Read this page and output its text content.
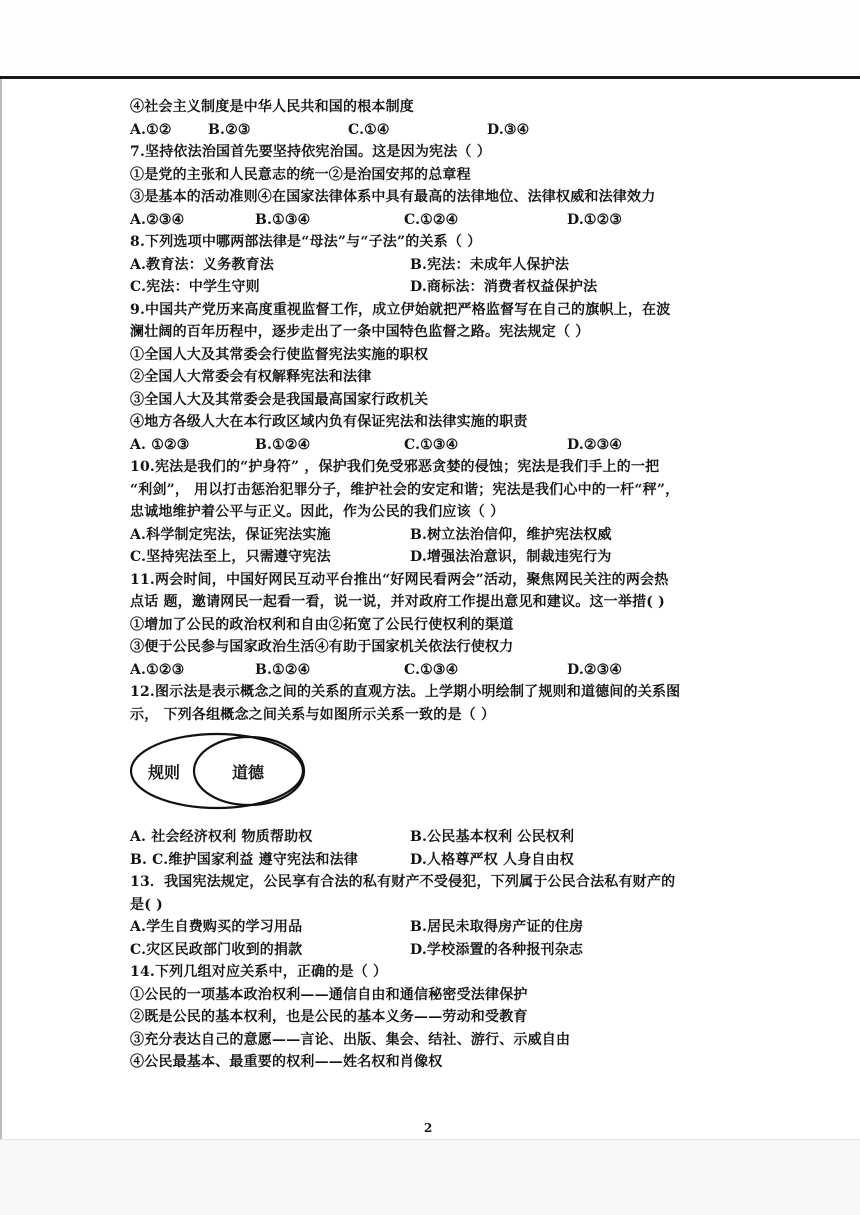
④社会主义制度是中华人民共和国的根本制度
A.①②	B.②③	C.①④	D.③④
7.坚持依法治国首先要坚持依宪治国。这是因为宪法（ ）
①是党的主张和人民意志的统一②是治国安邦的总章程
③是基本的活动准则④在国家法律体系中具有最高的法律地位、法律权威和法律效力
A.②③④	B.①③④	C.①②④	D.①②③
8.下列选项中哪两部法律是“母法”与“子法”的关系（ ）
A.教育法：义务教育法	B.宪法：未成年人保护法
C.宪法：中学生守则	D.商标法：消费者权益保护法
9.中国共产党历来高度重视监督工作，成立伊始就把严格监督写在自己的旗帜上，在波
澜壮阔的百年历程中，逐步走出了一条中国特色监督之路。宪法规定（ ）
①全国人大及其常委会行使监督宪法实施的职权
②全国人大常委会有权解释宪法和法律
③全国人大及其常委会是我国最高国家行政机关
④地方各级人大在本行政区域内负有保证宪法和法律实施的职责
A. ①②③	B.①②④	C.①③④	D.②③④
10.宪法是我们的“护身符” ，保护我们免受邪恶贪婪的侵蚀；宪法是我们手上的一把
“利剑”， 用以打击惩治犯罪分子，维护社会的安定和谐；宪法是我们心中的一杆“秤”，
忠诚地维护着公平与正义。因此，作为公民的我们应该（ ）
A.科学制定宪法，保证宪法实施	B.树立法治信仰，维护宪法权威
C.坚持宪法至上，只需遵守宪法	D.增强法治意识，制裁违宪行为
11.两会时间，中国好网民互动平台推出“好网民看两会”活动，聚焦网民关注的两会热
点话 题，邀请网民一起看一看，说一说，并对政府工作提出意见和建议。这一举措( )
①增加了公民的政治权利和自由②拓宽了公民行使权利的渠道
③便于公民参与国家政治生活④有助于国家机关依法行使权力
A.①②③	B.①②④	C.①③④	D.②③④
12.图示法是表示概念之间的关系的直观方法。上学期小明绘制了规则和道德间的关系图
示， 下列各组概念之间关系与如图所示关系一致的是（ ）
规则	道德
A. 社会经济权利 物质帮助权	B.公民基本权利 公民权利
B. C.维护国家利益 遵守宪法和法律	D.人格尊严权 人身自由权
13．我国宪法规定，公民享有合法的私有财产不受侵犯，下列属于公民合法私有财产的
是( )
A.学生自费购买的学习用品	B.居民未取得房产证的住房
C.灾区民政部门收到的捐款	D.学校添置的各种报刊杂志
14.下列几组对应关系中，正确的是（ ）
①公民的一项基本政治权利——通信自由和通信秘密受法律保护
②既是公民的基本权利，也是公民的基本义务——劳动和受教育
③充分表达自己的意愿——言论、出版、集会、结社、游行、示威自由
④公民最基本、最重要的权利——姓名权和肖像权
2
